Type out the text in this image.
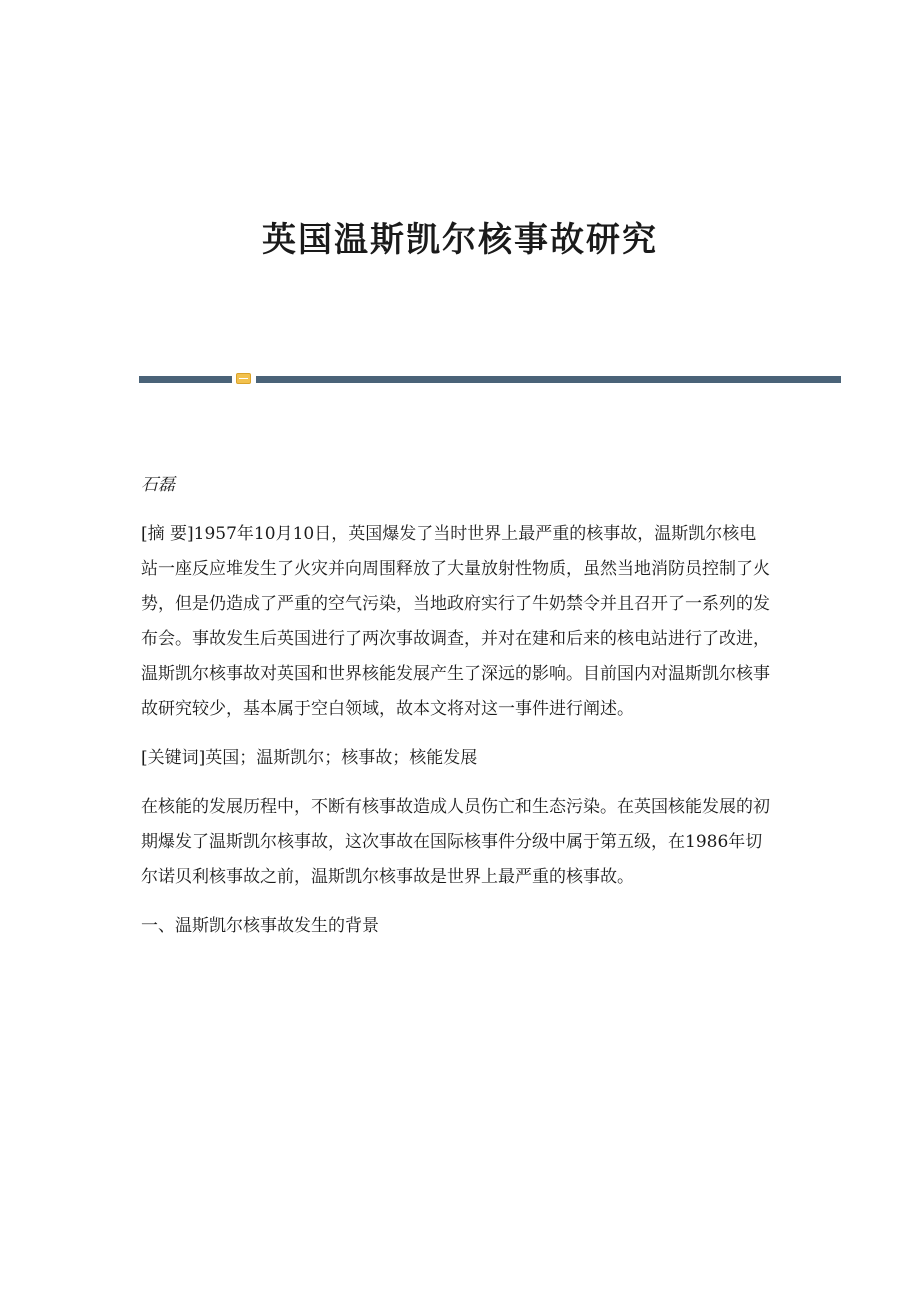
英国温斯凯尔核事故研究

石磊

[摘 要]1957年10月10日，英国爆发了当时世界上最严重的核事故，温斯凯尔核电站一座反应堆发生了火灾并向周围释放了大量放射性物质，虽然当地消防员控制了火势，但是仍造成了严重的空气污染，当地政府实行了牛奶禁令并且召开了一系列的发布会。事故发生后英国进行了两次事故调查，并对在建和后来的核电站进行了改进，温斯凯尔核事故对英国和世界核能发展产生了深远的影响。目前国内对温斯凯尔核事故研究较少，基本属于空白领域，故本文将对这一事件进行阐述。

[关键词]英国；温斯凯尔；核事故；核能发展

在核能的发展历程中，不断有核事故造成人员伤亡和生态污染。在英国核能发展的初期爆发了温斯凯尔核事故，这次事故在国际核事件分级中属于第五级，在1986年切尔诺贝利核事故之前，温斯凯尔核事故是世界上最严重的核事故。

一、温斯凯尔核事故发生的背景
